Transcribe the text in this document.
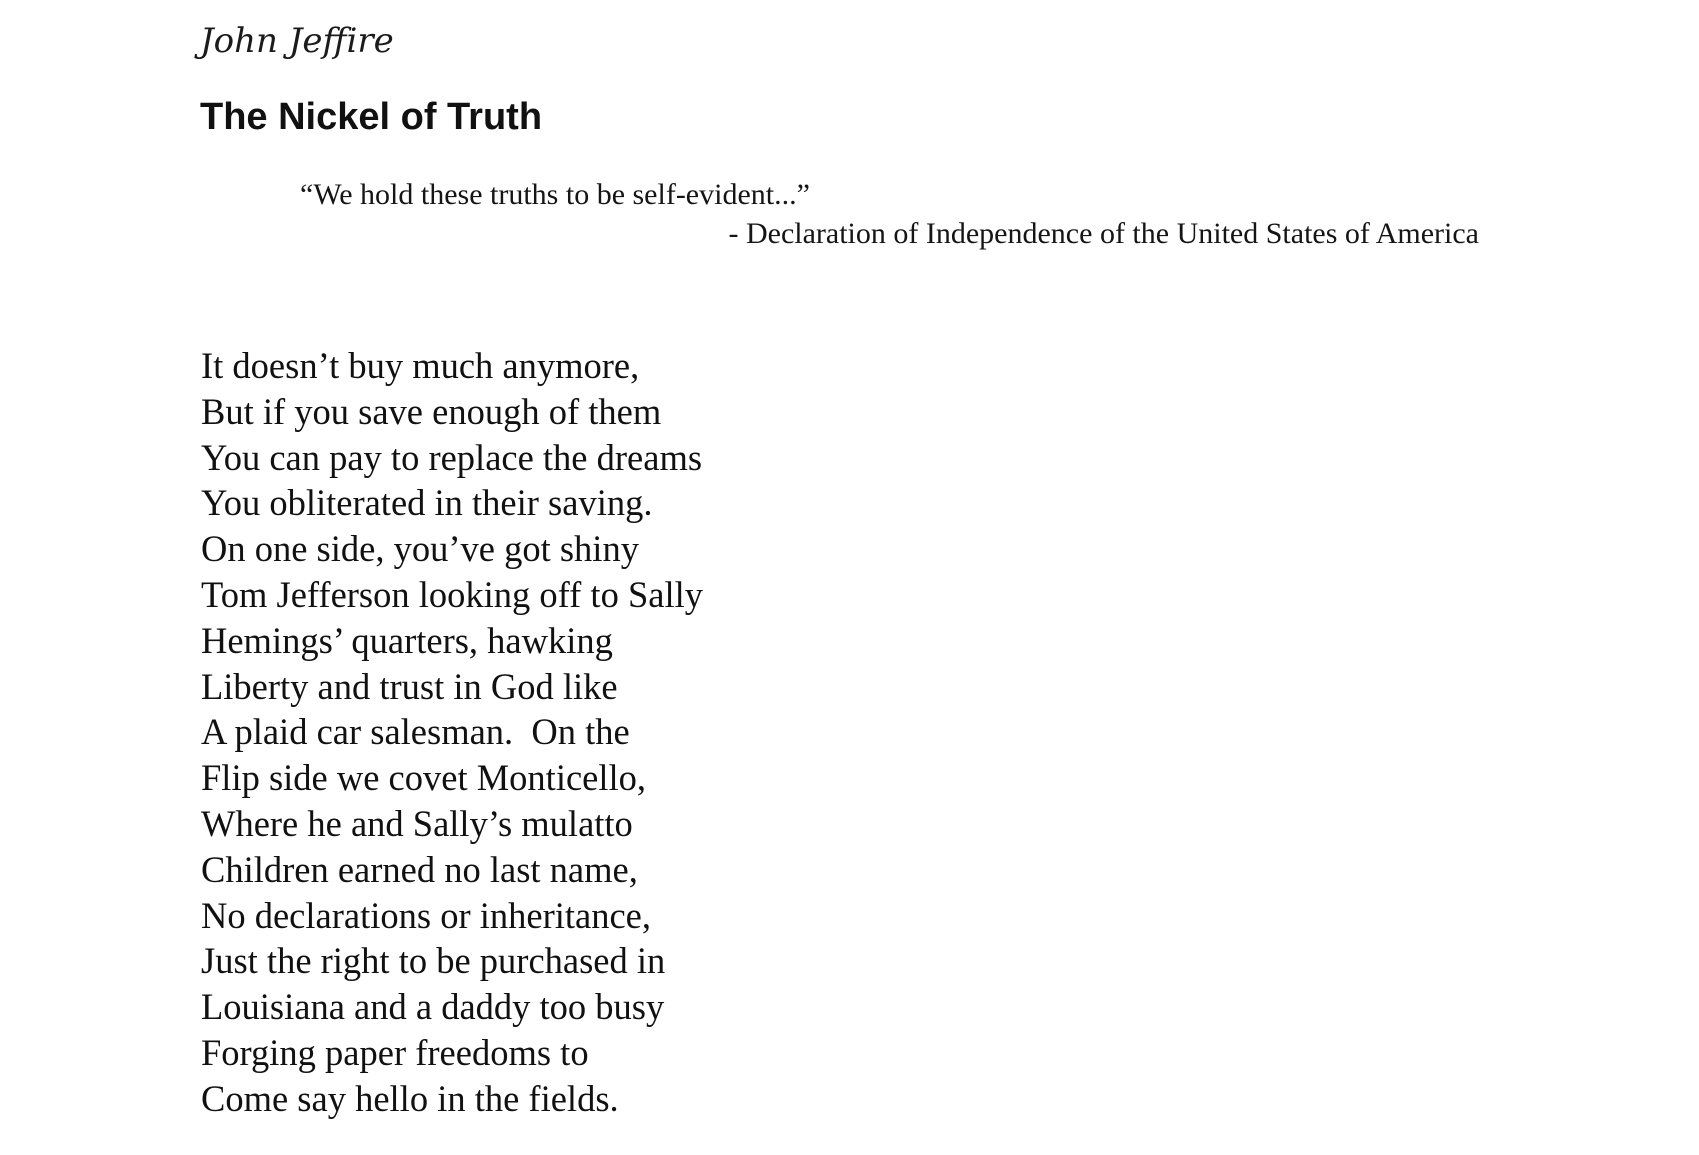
John Jeffire
The Nickel of Truth
“We hold these truths to be self-evident...”
- Declaration of Independence of the United States of America
It doesn’t buy much anymore,
But if you save enough of them
You can pay to replace the dreams
You obliterated in their saving.
On one side, you’ve got shiny
Tom Jefferson looking off to Sally
Hemings’ quarters, hawking
Liberty and trust in God like
A plaid car salesman.  On the
Flip side we covet Monticello,
Where he and Sally’s mulatto
Children earned no last name,
No declarations or inheritance,
Just the right to be purchased in
Louisiana and a daddy too busy
Forging paper freedoms to
Come say hello in the fields.
